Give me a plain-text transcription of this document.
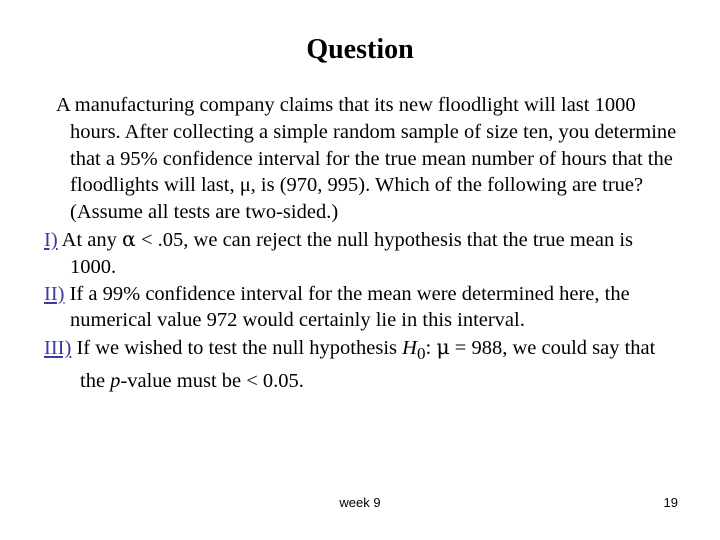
Question

A manufacturing company claims that its new floodlight will last 1000 hours. After collecting a simple random sample of size ten, you determine that a 95% confidence interval for the true mean number of hours that the floodlights will last, μ, is (970, 995). Which of the following are true? (Assume all tests are two-sided.)

I) At any α < .05, we can reject the null hypothesis that the true mean is 1000.

II) If a 99% confidence interval for the mean were determined here, the numerical value 972 would certainly lie in this interval.

III) If we wished to test the null hypothesis $H_0$: μ = 988, we could say that the p-value must be < 0.05.

week 9	19
